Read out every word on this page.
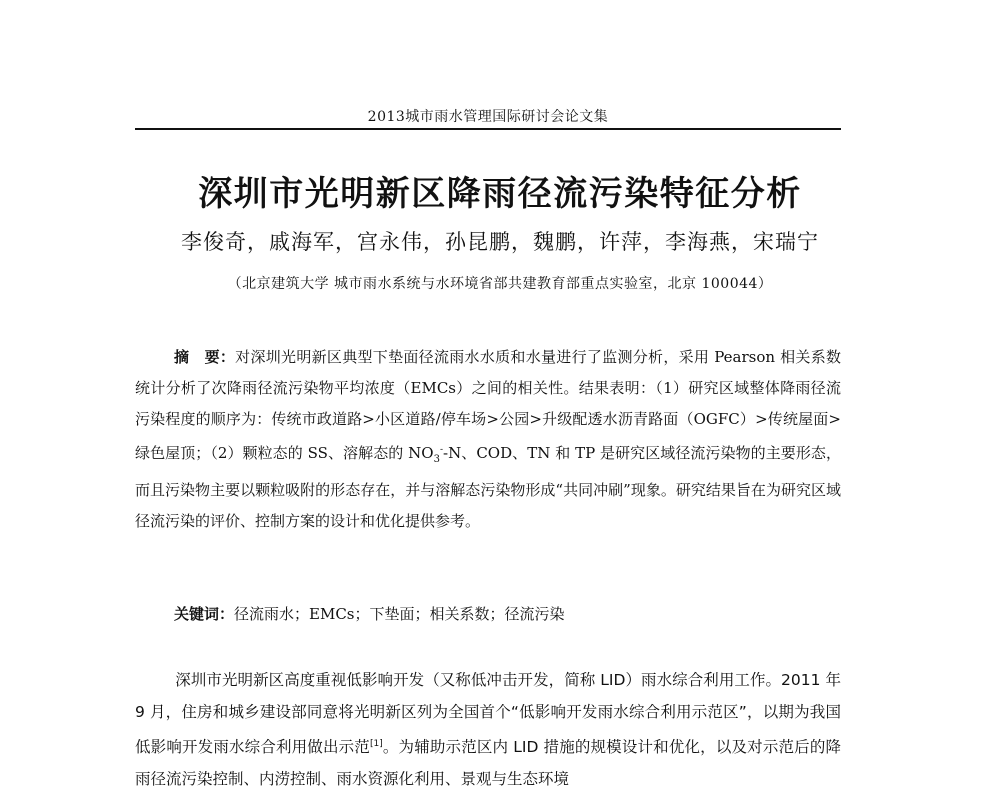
2013城市雨水管理国际研讨会论文集
深圳市光明新区降雨径流污染特征分析
李俊奇，戚海军，宫永伟，孙昆鹏，魏鹏，许萍，李海燕，宋瑞宁
（北京建筑大学 城市雨水系统与水环境省部共建教育部重点实验室，北京 100044）

摘　要：对深圳光明新区典型下垫面径流雨水水质和水量进行了监测分析，采用 Pearson 相关系数统计分析了次降雨径流污染物平均浓度（EMCs）之间的相关性。结果表明：（1）研究区域整体降雨径流污染程度的顺序为：传统市政道路>小区道路/停车场>公园>升级配透水沥青路面（OGFC）>传统屋面>绿色屋顶；（2）颗粒态的 SS、溶解态的 $NO_3^--N$、COD、TN 和 TP 是研究区域径流污染物的主要形态，而且污染物主要以颗粒吸附的形态存在，并与溶解态污染物形成“共同冲刷”现象。研究结果旨在为研究区域径流污染的评价、控制方案的设计和优化提供参考。

关键词：径流雨水；EMCs；下垫面；相关系数；径流污染

深圳市光明新区高度重视低影响开发（又称低冲击开发，简称 LID）雨水综合利用工作。2011 年 9 月，住房和城乡建设部同意将光明新区列为全国首个“低影响开发雨水综合利用示范区”，以期为我国低影响开发雨水综合利用做出示范[1]。为辅助示范区内 LID 措施的规模设计和优化，以及对示范后的降雨径流污染控制、内涝控制、雨水资源化利用、景观与生态环境
